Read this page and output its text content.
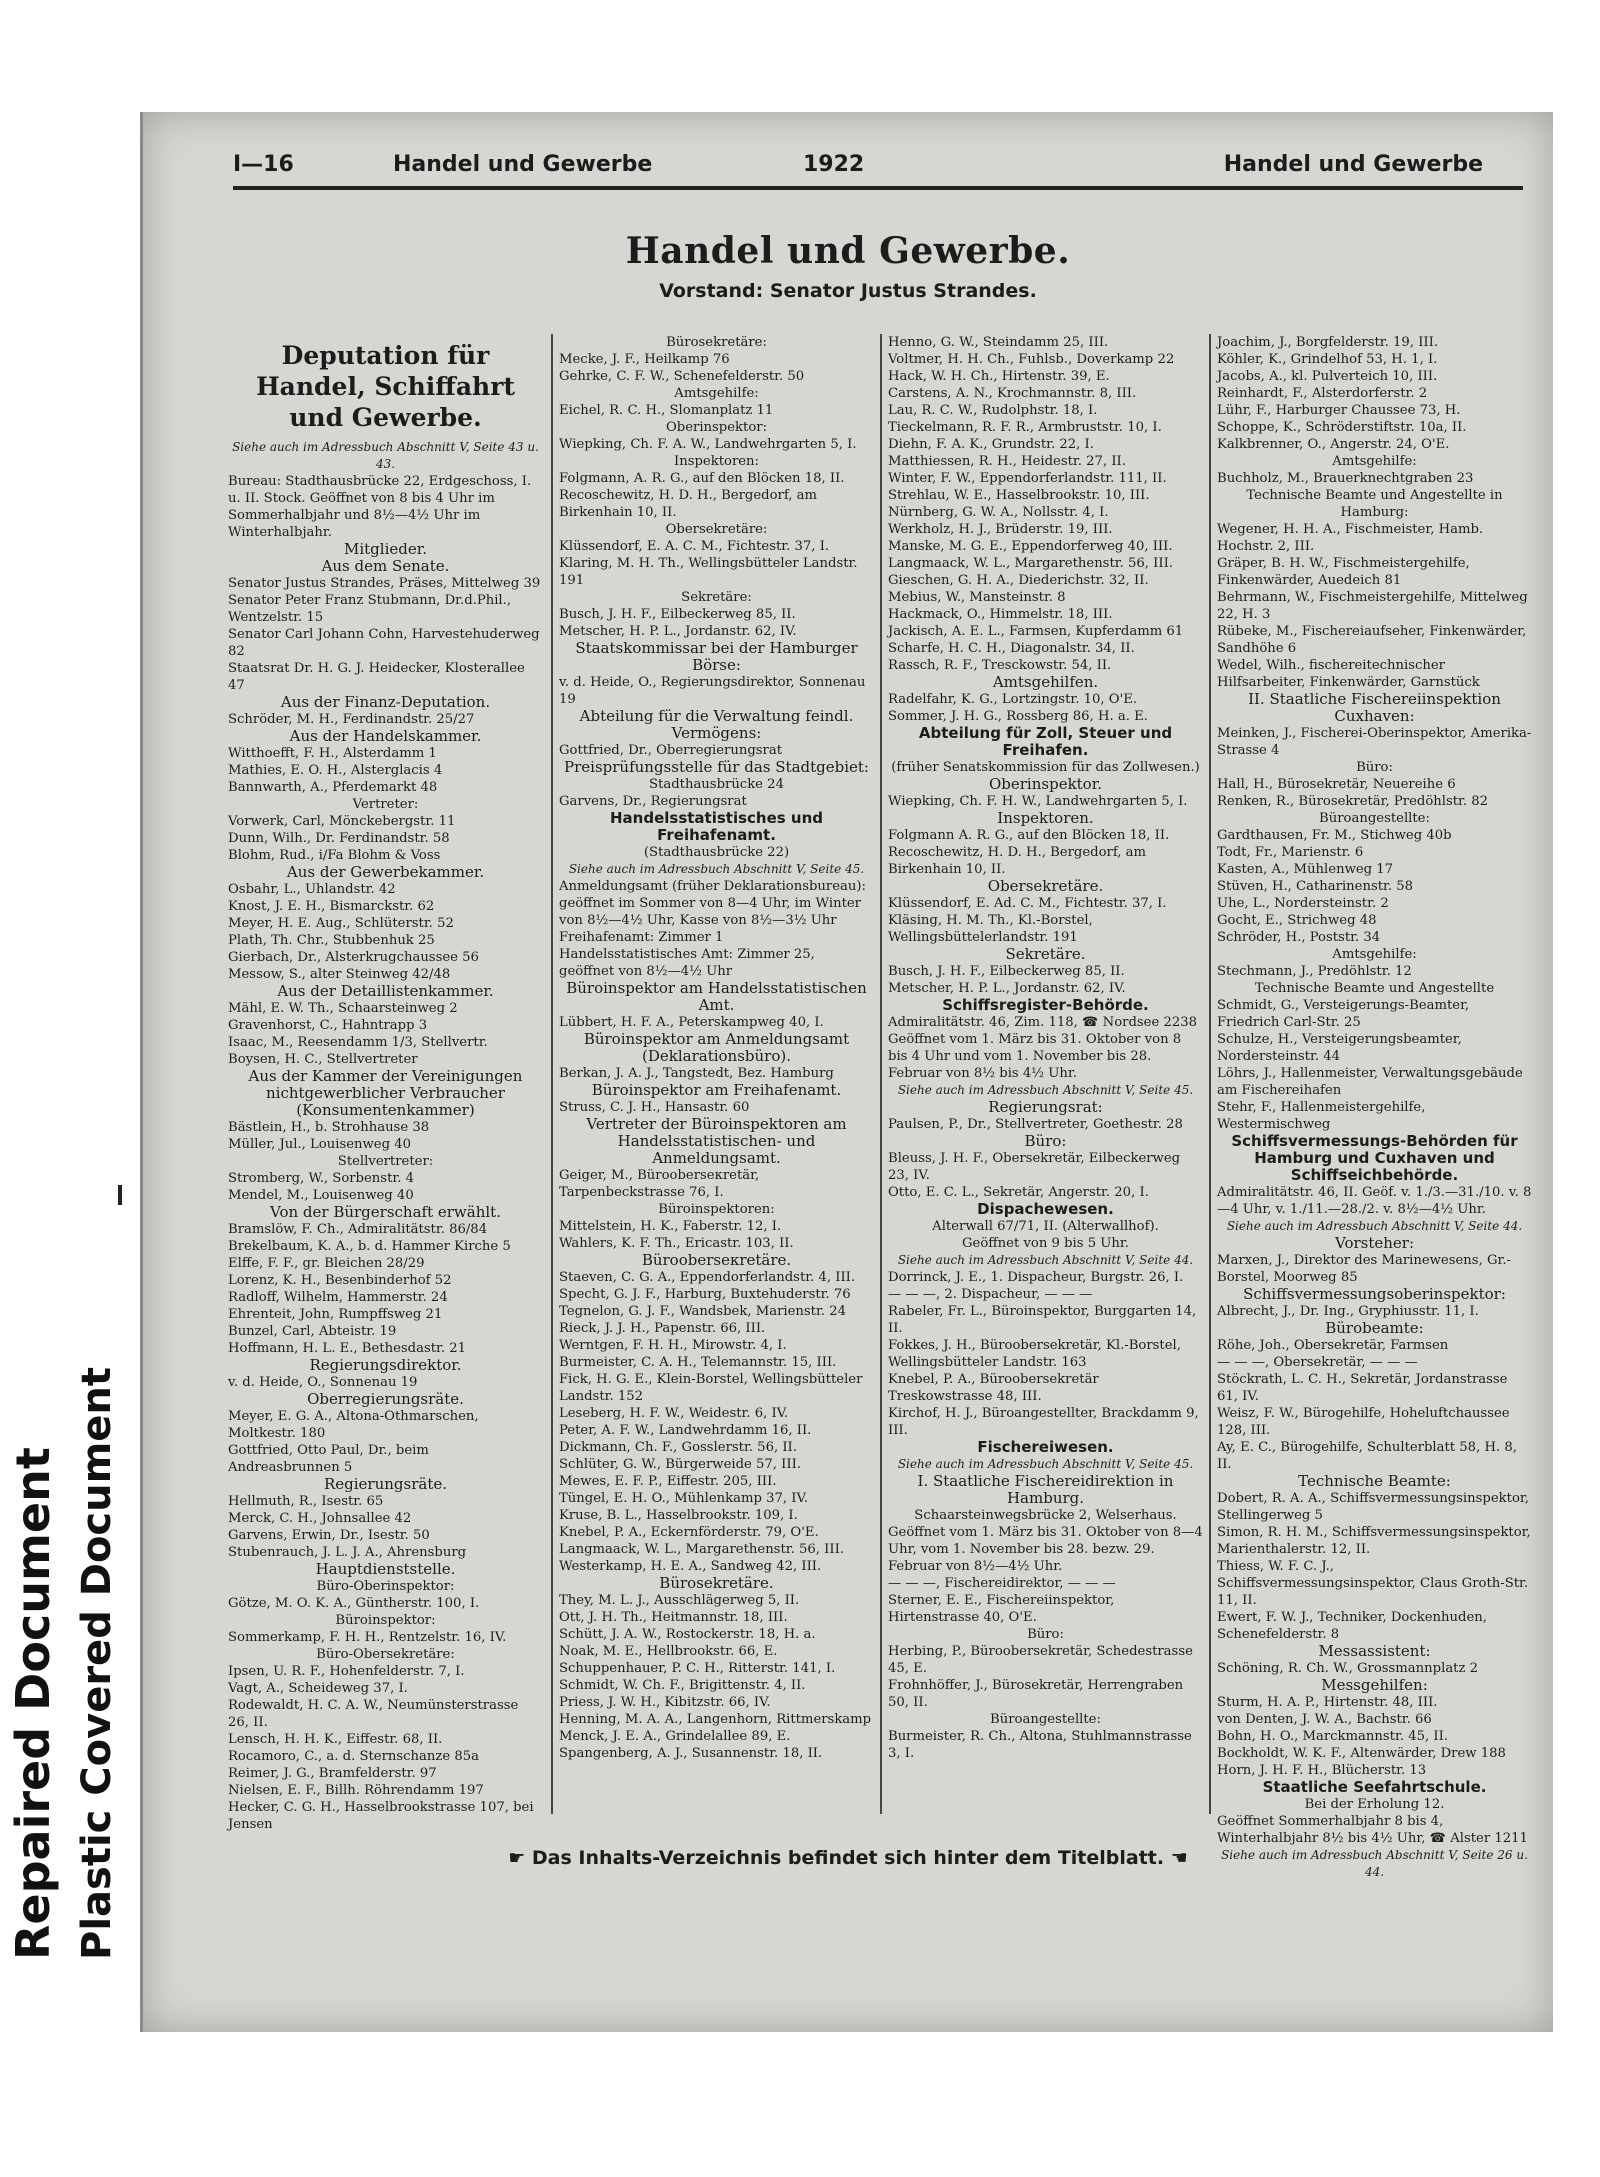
Repaired Document Plastic Covered Document
I—16	Handel und Gewerbe	1922	Handel und Gewerbe
Handel und Gewerbe.
Vorstand: Senator Justus Strandes.
Deputation für Handel, Schiffahrt und Gewerbe.

Siehe auch im Adressbuch Abschnitt V, Seite 43 u. 43.

Bureau: Stadthausbrücke 22, Erdgeschoss, I. u. II. Stock. Geöffnet von 8 bis 4 Uhr im Sommerhalbjahr und 8½—4½ Uhr im Winterhalbjahr.

Mitglieder.

Aus dem Senate.

Senator Justus Strandes, Präses, Mittelweg 39

Senator Peter Franz Stubmann, Dr.d.Phil., Wentzelstr. 15

Senator Carl Johann Cohn, Harvestehuderweg 82

Staatsrat Dr. H. G. J. Heidecker, Klosterallee 47

Aus der Finanz-Deputation.

Schröder, M. H., Ferdinandstr. 25/27

Aus der Handelskammer.

Witthoefft, F. H., Alsterdamm 1

Mathies, E. O. H., Alsterglacis 4

Bannwarth, A., Pferdemarkt 48

Vertreter:

Vorwerk, Carl, Mönckebergstr. 11

Dunn, Wilh., Dr. Ferdinandstr. 58

Blohm, Rud., i/Fa Blohm & Voss

Aus der Gewerbekammer.

Osbahr, L., Uhlandstr. 42

Knost, J. E. H., Bismarckstr. 62

Meyer, H. E. Aug., Schlüterstr. 52

Plath, Th. Chr., Stubbenhuk 25

Gierbach, Dr., Alsterkrugchaussee 56

Messow, S., alter Steinweg 42/48

Aus der Detaillistenkammer.

Mähl, E. W. Th., Schaarsteinweg 2

Gravenhorst, C., Hahntrapp 3

Isaac, M., Reesendamm 1/3, Stellvertr.

Boysen, H. C., Stellvertreter

Aus der Kammer der Vereinigungen nichtgewerblicher Verbraucher (Konsumentenkammer)

Bästlein, H., b. Strohhause 38

Müller, Jul., Louisenweg 40

Stellvertreter:

Stromberg, W., Sorbenstr. 4

Mendel, M., Louisenweg 40

Von der Bürgerschaft erwählt.

Bramslöw, F. Ch., Admiralitätstr. 86/84

Brekelbaum, K. A., b. d. Hammer Kirche 5

Elffe, F. F., gr. Bleichen 28/29

Lorenz, K. H., Besenbinderhof 52

Radloff, Wilhelm, Hammerstr. 24

Ehrenteit, John, Rumpffsweg 21

Bunzel, Carl, Abteistr. 19

Hoffmann, H. L. E., Bethesdastr. 21

Regierungsdirektor.

v. d. Heide, O., Sonnenau 19

Oberregierungsräte.

Meyer, E. G. A., Altona-Othmarschen, Moltkestr. 180

Gottfried, Otto Paul, Dr., beim Andreasbrunnen 5

Regierungsräte.

Hellmuth, R., Isestr. 65

Merck, C. H., Johnsallee 42

Garvens, Erwin, Dr., Isestr. 50

Stubenrauch, J. L. J. A., Ahrensburg

Hauptdienststelle.

Büro-Oberinspektor:

Götze, M. O. K. A., Güntherstr. 100, I.

Büroinspektor:

Sommerkamp, F. H. H., Rentzelstr. 16, IV.

Büro-Obersekretäre:

Ipsen, U. R. F., Hohenfelderstr. 7, I.

Vagt, A., Scheideweg 37, I.

Rodewaldt, H. C. A. W., Neumünsterstrasse 26, II.

Lensch, H. H. K., Eiffestr. 68, II.

Rocamoro, C., a. d. Sternschanze 85a

Reimer, J. G., Bramfelderstr. 97

Nielsen, E. F., Billh. Röhrendamm 197

Hecker, C. G. H., Hasselbrookstrasse 107, bei Jensen

Bürosekretäre:

Mecke, J. F., Heilkamp 76

Gehrke, C. F. W., Schenefelderstr. 50

Amtsgehilfe:

Eichel, R. C. H., Slomanplatz 11

Oberinspektor:

Wiepking, Ch. F. A. W., Landwehrgarten 5, I.

Inspektoren:

Folgmann, A. R. G., auf den Blöcken 18, II.

Recoschewitz, H. D. H., Bergedorf, am Birkenhain 10, II.

Obersekretäre:

Klüssendorf, E. A. C. M., Fichtestr. 37, I.

Klaring, M. H. Th., Wellingsbütteler Landstr. 191

Sekretäre:

Busch, J. H. F., Eilbeckerweg 85, II.

Metscher, H. P. L., Jordanstr. 62, IV.

Staatskommissar bei der Hamburger Börse:

v. d. Heide, O., Regierungsdirektor, Sonnenau 19

Abteilung für die Verwaltung feindl. Vermögens:

Gottfried, Dr., Oberregierungsrat

Preisprüfungsstelle für das Stadtgebiet:

Stadthausbrücke 24

Garvens, Dr., Regierungsrat

Handelsstatistisches und Freihafenamt.

(Stadthausbrücke 22)

Siehe auch im Adressbuch Abschnitt V, Seite 45.

Anmeldungsamt (früher Deklarationsbureau): geöffnet im Sommer von 8—4 Uhr, im Winter von 8½—4½ Uhr, Kasse von 8½—3½ Uhr

Freihafenamt: Zimmer 1

Handelsstatistisches Amt: Zimmer 25, geöffnet von 8½—4½ Uhr

Büroinspektor am Handelsstatistischen Amt.

Lübbert, H. F. A., Peterskampweg 40, I.

Büroinspektor am Anmeldungsamt (Deklarationsbüro).

Berkan, J. A. J., Tangstedt, Bez. Hamburg

Büroinspektor am Freihafenamt.

Struss, C. J. H., Hansastr. 60

Vertreter der Büroinspektoren am Handelsstatistischen- und Anmeldungsamt.

Geiger, M., Bürooberseкretär, Tarpenbeckstrasse 76, I.

Büroinspektoren:

Mittelstein, H. K., Faberstr. 12, I.

Wahlers, K. F. Th., Ericastr. 103, II.

Bürooberseкretäre.

Staeven, C. G. A., Eppendorferlandstr. 4, III.

Specht, G. J. F., Harburg, Buxtehuderstr. 76

Tegnelon, G. J. F., Wandsbek, Marienstr. 24

Rieck, J. J. H., Papenstr. 66, III.

Werntgen, F. H. H., Mirowstr. 4, I.

Burmeister, C. A. H., Telemannstr. 15, III.

Fick, H. G. E., Klein-Borstel, Wellingsbütteler Landstr. 152

Leseberg, H. F. W., Weidestr. 6, IV.

Peter, A. F. W., Landwehrdamm 16, II.

Dickmann, Ch. F., Gosslerstr. 56, II.

Schlüter, G. W., Bürgerweide 57, III.

Mewes, E. F. P., Eiffestr. 205, III.

Tüngel, E. H. O., Mühlenkamp 37, IV.

Kruse, B. L., Hasselbrookstr. 109, I.

Knebel, P. A., Eckernförderstr. 79, O'E.

Langmaack, W. L., Margarethenstr. 56, III.

Westerkamp, H. E. A., Sandweg 42, III.

Bürosekretäre.

They, M. L. J., Ausschlägerweg 5, II.

Ott, J. H. Th., Heitmannstr. 18, III.

Schütt, J. A. W., Rostockerstr. 18, H. a.

Noak, M. E., Hellbrookstr. 66, E.

Schuppenhauer, P. C. H., Ritterstr. 141, I.

Schmidt, W. Ch. F., Brigittenstr. 4, II.

Priess, J. W. H., Kibitzstr. 66, IV.

Henning, M. A. A., Langenhorn, Rittmerskamp

Menck, J. E. A., Grindelallee 89, E.

Spangenberg, A. J., Susannenstr. 18, II.

Henno, G. W., Steindamm 25, III.

Voltmer, H. H. Ch., Fuhlsb., Doverkamp 22

Hack, W. H. Ch., Hirtenstr. 39, E.

Carstens, A. N., Krochmannstr. 8, III.

Lau, R. C. W., Rudolphstr. 18, I.

Tieckelmann, R. F. R., Armbruststr. 10, I.

Diehn, F. A. K., Grundstr. 22, I.

Matthiessen, R. H., Heidestr. 27, II.

Winter, F. W., Eppendorferlandstr. 111, II.

Strehlau, W. E., Hasselbrookstr. 10, III.

Nürnberg, G. W. A., Nollsstr. 4, I.

Werkholz, H. J., Brüderstr. 19, III.

Manske, M. G. E., Eppendorferweg 40, III.

Langmaack, W. L., Margarethenstr. 56, III.

Gieschen, G. H. A., Diederichstr. 32, II.

Mebius, W., Mansteinstr. 8

Hackmack, O., Himmelstr. 18, III.

Jackisch, A. E. L., Farmsen, Kupferdamm 61

Scharfe, H. C. H., Diagonalstr. 34, II.

Rassch, R. F., Tresckowstr. 54, II.

Amtsgehilfen.

Radelfahr, K. G., Lortzingstr. 10, O'E.

Sommer, J. H. G., Rossberg 86, H. a. E.

Abteilung für Zoll, Steuer und Freihafen.

(früher Senatskommission für das Zollwesen.)

Oberinspektor.

Wiepking, Ch. F. H. W., Landwehrgarten 5, I.

Inspektoren.

Folgmann A. R. G., auf den Blöcken 18, II.

Recoschewitz, H. D. H., Bergedorf, am Birkenhain 10, II.

Obersekretäre.

Klüssendorf, E. Ad. C. M., Fichtestr. 37, I.

Kläsing, H. M. Th., Kl.-Borstel, Wellingsbüttelerlandstr. 191

Sekretäre.

Busch, J. H. F., Eilbeckerweg 85, II.

Metscher, H. P. L., Jordanstr. 62, IV.

Schiffsregister-Behörde.

Admiralitätstr. 46, Zim. 118, ☎ Nordsee 2238

Geöffnet vom 1. März bis 31. Oktober von 8 bis 4 Uhr und vom 1. November bis 28. Februar von 8½ bis 4½ Uhr.

Siehe auch im Adressbuch Abschnitt V, Seite 45.

Regierungsrat:

Paulsen, P., Dr., Stellvertreter, Goethestr. 28

Büro:

Bleuss, J. H. F., Obersekretär, Eilbeckerweg 23, IV.

Otto, E. C. L., Sekretär, Angerstr. 20, I.

Dispachewesen.

Alterwall 67/71, II. (Alterwallhof).

Geöffnet von 9 bis 5 Uhr.

Siehe auch im Adressbuch Abschnitt V, Seite 44.

Dorrinck, J. E., 1. Dispacheur, Burgstr. 26, I.

— — —, 2. Dispacheur, — — —

Rabeler, Fr. L., Büroinspektor, Burggarten 14, II.

Fokkes, J. H., Büroobersekretär, Kl.-Borstel, Wellingsbütteler Landstr. 163

Knebel, P. A., Büroobersekretär Treskowstrasse 48, III.

Kirchof, H. J., Büroangestellter, Brackdamm 9, III.

Fischereiwesen.

Siehe auch im Adressbuch Abschnitt V, Seite 45.

I. Staatliche Fischereidirektion in Hamburg.

Schaarsteinwegsbrücke 2, Welserhaus.

Geöffnet vom 1. März bis 31. Oktober von 8—4 Uhr, vom 1. November bis 28. bezw. 29. Februar von 8½—4½ Uhr.

— — —, Fischereidirektor, — — —

Sterner, E. E., Fischereiinspektor, Hirtenstrasse 40, O'E.

Büro:

Herbing, P., Büroobersekretär, Schedestrasse 45, E.

Frohnhöffer, J., Bürosekretär, Herrengraben 50, II.

Büroangestellte:

Burmeister, R. Ch., Altona, Stuhlmannstrasse 3, I.

Joachim, J., Borgfelderstr. 19, III.

Köhler, K., Grindelhof 53, H. 1, I.

Jacobs, A., kl. Pulverteich 10, III.

Reinhardt, F., Alsterdorferstr. 2

Lühr, F., Harburger Chaussee 73, H.

Schoppe, K., Schröderstiftstr. 10a, II.

Kalkbrenner, O., Angerstr. 24, O'E.

Amtsgehilfe:

Buchholz, M., Brauerknechtgraben 23

Technische Beamte und Angestellte in Hamburg:

Wegener, H. H. A., Fischmeister, Hamb. Hochstr. 2, III.

Gräper, B. H. W., Fischmeistergehilfe, Finkenwärder, Auedeich 81

Behrmann, W., Fischmeistergehilfe, Mittelweg 22, H. 3

Rübeke, M., Fischereiaufseher, Finkenwärder, Sandhöhe 6

Wedel, Wilh., fischereitechnischer Hilfsarbeiter, Finkenwärder, Garnstück

II. Staatliche Fischereiinspektion Cuxhaven:

Meinken, J., Fischerei-Oberinspektor, Amerika-Strasse 4

Büro:

Hall, H., Bürosekretär, Neuereihe 6

Renken, R., Bürosekretär, Predöhlstr. 82

Büroangestellte:

Gardthausen, Fr. M., Stichweg 40b

Todt, Fr., Marienstr. 6

Kasten, A., Mühlenweg 17

Stüven, H., Catharinenstr. 58

Uhe, L., Nordersteinstr. 2

Gocht, E., Strichweg 48

Schröder, H., Poststr. 34

Amtsgehilfe:

Stechmann, J., Predöhlstr. 12

Technische Beamte und Angestellte

Schmidt, G., Versteigerungs-Beamter, Friedrich Carl-Str. 25

Schulze, H., Versteigerungsbeamter, Nordersteinstr. 44

Löhrs, J., Hallenmeister, Verwaltungsgebäude am Fischereihafen

Stehr, F., Hallenmeistergehilfe, Westermischweg

Schiffsvermessungs-Behörden für Hamburg und Cuxhaven und Schiffseichbehörde.

Admiralitätstr. 46, II. Geöf. v. 1./3.—31./10. v. 8—4 Uhr, v. 1./11.—28./2. v. 8½—4½ Uhr.

Siehe auch im Adressbuch Abschnitt V, Seite 44.

Vorsteher:

Marxen, J., Direktor des Marinewesens, Gr.-Borstel, Moorweg 85

Schiffsvermessungsoberinspektor:

Albrecht, J., Dr. Ing., Gryphiusstr. 11, I.

Bürobeamte:

Röhe, Joh., Obersekretär, Farmsen

— — —, Obersekretär, — — —

Stöckrath, L. C. H., Sekretär, Jordanstrasse 61, IV.

Weisz, F. W., Bürogehilfe, Hoheluftchaussee 128, III.

Ay, E. C., Bürogehilfe, Schulterblatt 58, H. 8, II.

Technische Beamte:

Dobert, R. A. A., Schiffsvermessungsinspektor, Stellingerweg 5

Simon, R. H. M., Schiffsvermessungsinspektor, Marienthalerstr. 12, II.

Thiess, W. F. C. J., Schiffsvermessungsinspektor, Claus Groth-Str. 11, II.

Ewert, F. W. J., Techniker, Dockenhuden, Schenefelderstr. 8

Messassistent:

Schöning, R. Ch. W., Grossmannplatz 2

Messgehilfen:

Sturm, H. A. P., Hirtenstr. 48, III.

von Denten, J. W. A., Bachstr. 66

Bohn, H. O., Marckmannstr. 45, II.

Bockholdt, W. K. F., Altenwärder, Drew 188

Horn, J. H. F. H., Blücherstr. 13

Staatliche Seefahrtschule.

Bei der Erholung 12.

Geöffnet Sommerhalbjahr 8 bis 4, Winterhalbjahr 8½ bis 4½ Uhr, ☎ Alster 1211

Siehe auch im Adressbuch Abschnitt V, Seite 26 u. 44.

☛ Das Inhalts-Verzeichnis befindet sich hinter dem Titelblatt. ☚
